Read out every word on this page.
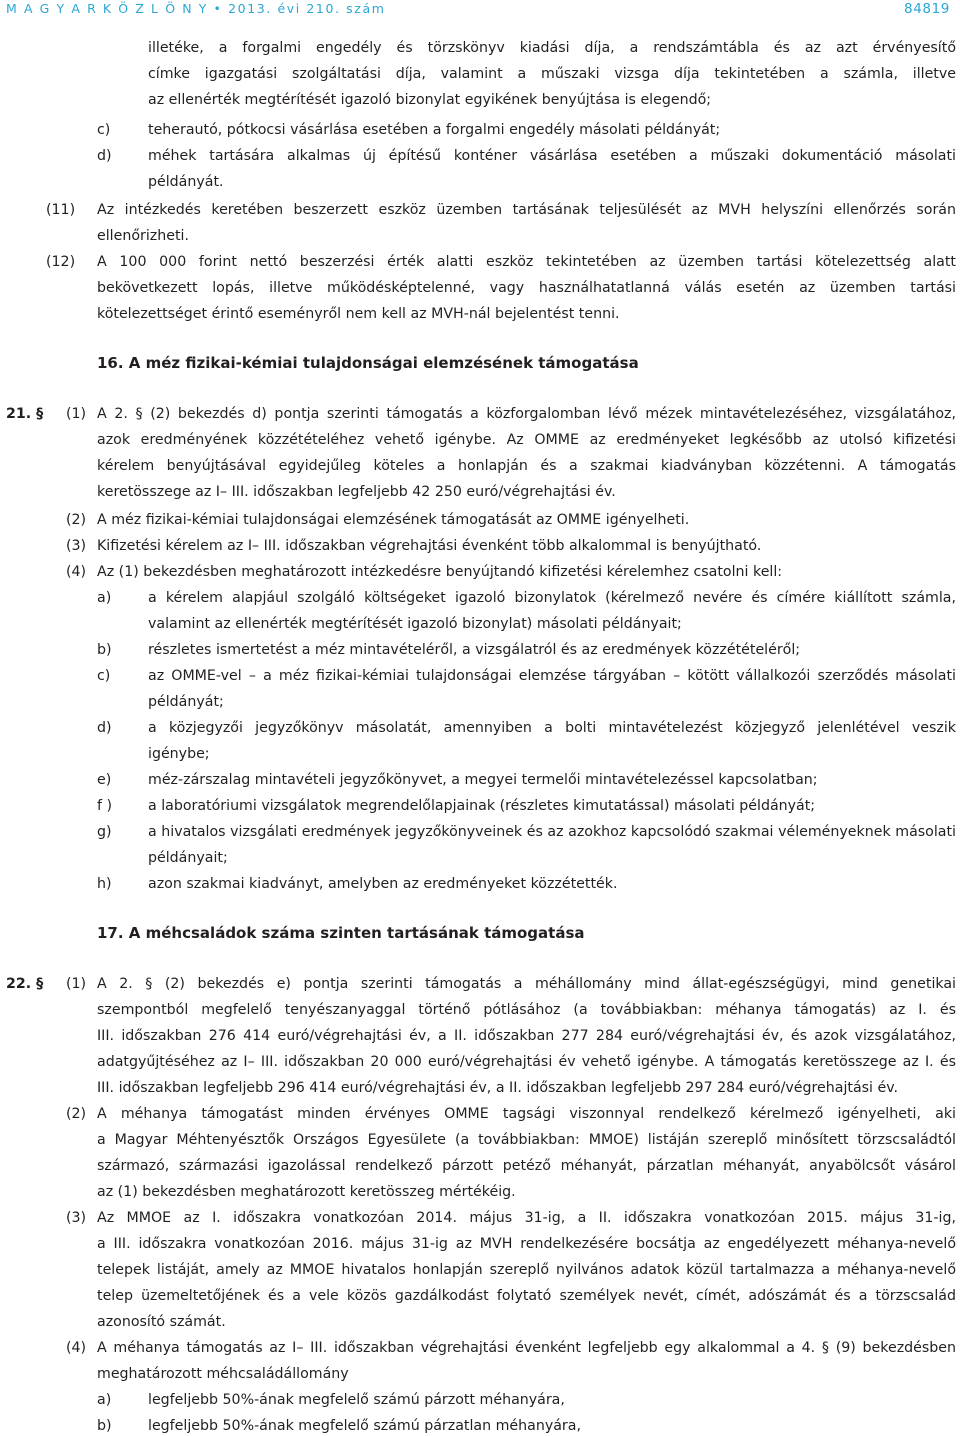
M A G Y A R K Ö Z L Ö N Y • 2013. évi 210. szám	84819
illetéke, a forgalmi engedély és törzskönyv kiadási díja, a rendszámtábla és az azt érvényesítő
címke igazgatási szolgáltatási díja, valamint a műszaki vizsga díja tekintetében a számla, illetve
az ellenérték megtérítését igazoló bizonylat egyikének benyújtása is elegendő;
c)	teherautó, pótkocsi vásárlása esetében a forgalmi engedély másolati példányát;
d)	méhek tartására alkalmas új építésű konténer vásárlása esetében a műszaki dokumentáció másolati
példányát.
(11) Az intézkedés keretében beszerzett eszköz üzemben tartásának teljesülését az MVH helyszíni ellenőrzés során
ellenőrizheti.
(12) A 100 000 forint nettó beszerzési érték alatti eszköz tekintetében az üzemben tartási kötelezettség alatt
bekövetkezett lopás, illetve működésképtelenné, vagy használhatatlanná válás esetén az üzemben tartási
kötelezettséget érintő eseményről nem kell az MVH-nál bejelentést tenni.
16. A méz fizikai-kémiai tulajdonságai elemzésének támogatása
21. § (1) A 2. § (2) bekezdés d) pontja szerinti támogatás a közforgalomban lévő mézek mintavételezéséhez, vizsgálatához,
azok eredményének közzétételéhez vehető igénybe. Az OMME az eredményeket legkésőbb az utolsó kifizetési
kérelem benyújtásával egyidejűleg köteles a honlapján és a szakmai kiadványban közzétenni. A támogatás
keretösszege az I– III. időszakban legfeljebb 42 250 euró/végrehajtási év.
(2) A méz fizikai-kémiai tulajdonságai elemzésének támogatását az OMME igényelheti.
(3) Kifizetési kérelem az I– III. időszakban végrehajtási évenként több alkalommal is benyújtható.
(4) Az (1) bekezdésben meghatározott intézkedésre benyújtandó kifizetési kérelemhez csatolni kell:
a)	a kérelem alapjául szolgáló költségeket igazoló bizonylatok (kérelmező nevére és címére kiállított számla,
valamint az ellenérték megtérítését igazoló bizonylat) másolati példányait;
b)	részletes ismertetést a méz mintavételéről, a vizsgálatról és az eredmények közzétételéről;
c)	az OMME-vel – a méz fizikai-kémiai tulajdonságai elemzése tárgyában – kötött vállalkozói szerződés másolati
példányát;
d)	a közjegyzői jegyzőkönyv másolatát, amennyiben a bolti mintavételezést közjegyző jelenlétével veszik
igénybe;
e)	méz-zárszalag mintavételi jegyzőkönyvet, a megyei termelői mintavételezéssel kapcsolatban;
f )	a laboratóriumi vizsgálatok megrendelőlapjainak (részletes kimutatással) másolati példányát;
g)	a hivatalos vizsgálati eredmények jegyzőkönyveinek és az azokhoz kapcsolódó szakmai véleményeknek másolati
példányait;
h)	azon szakmai kiadványt, amelyben az eredményeket közzétették.
17. A méhcsaládok száma szinten tartásának támogatása
22. § (1) A 2. § (2) bekezdés e) pontja szerinti támogatás a méhállomány mind állat-egészségügyi, mind genetikai
szempontból megfelelő tenyészanyaggal történő pótlásához (a továbbiakban: méhanya támogatás) az I. és
III. időszakban 276 414 euró/végrehajtási év, a II. időszakban 277 284 euró/végrehajtási év, és azok vizsgálatához,
adatgyűjtéséhez az I– III. időszakban 20 000 euró/végrehajtási év vehető igénybe. A támogatás keretösszege az I. és
III. időszakban legfeljebb 296 414 euró/végrehajtási év, a II. időszakban legfeljebb 297 284 euró/végrehajtási év.
(2) A méhanya támogatást minden érvényes OMME tagsági viszonnyal rendelkező kérelmező igényelheti, aki
a Magyar Méhtenyésztők Országos Egyesülete (a továbbiakban: MMOE) listáján szereplő minősített törzscsaládtól
származó, származási igazolással rendelkező párzott petéző méhanyát, párzatlan méhanyát, anyabölcsőt vásárol
az (1) bekezdésben meghatározott keretösszeg mértékéig.
(3) Az MMOE az I. időszakra vonatkozóan 2014. május 31-ig, a II. időszakra vonatkozóan 2015. május 31-ig,
a III. időszakra vonatkozóan 2016. május 31-ig az MVH rendelkezésére bocsátja az engedélyezett méhanya-nevelő
telepek listáját, amely az MMOE hivatalos honlapján szereplő nyilvános adatok közül tartalmazza a méhanya-nevelő
telep üzemeltetőjének és a vele közös gazdálkodást folytató személyek nevét, címét, adószámát és a törzscsalád
azonosító számát.
(4) A méhanya támogatás az I– III. időszakban végrehajtási évenként legfeljebb egy alkalommal a 4. § (9) bekezdésben
meghatározott méhcsaládállomány
a)	legfeljebb 50%-ának megfelelő számú párzott méhanyára,
b)	legfeljebb 50%-ának megfelelő számú párzatlan méhanyára,
